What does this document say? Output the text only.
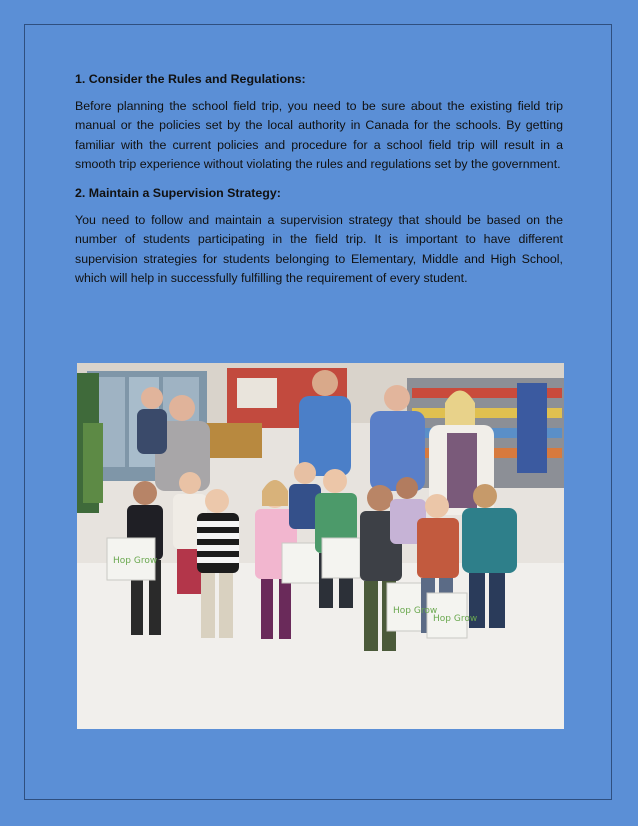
1. Consider the Rules and Regulations:

Before planning the school field trip, you need to be sure about the existing field trip manual or the policies set by the local authority in Canada for the schools. By getting familiar with the current policies and procedure for a school field trip will result in a smooth trip experience without violating the rules and regulations set by the government.

2. Maintain a Supervision Strategy:

You need to follow and maintain a supervision strategy that should be based on the number of students participating in the field trip. It is important to have different supervision strategies for students belonging to Elementary, Middle and High School, which will help in successfully fulfilling the requirement of every student.

Hop Grow
Hop Grow
Hop Grow
